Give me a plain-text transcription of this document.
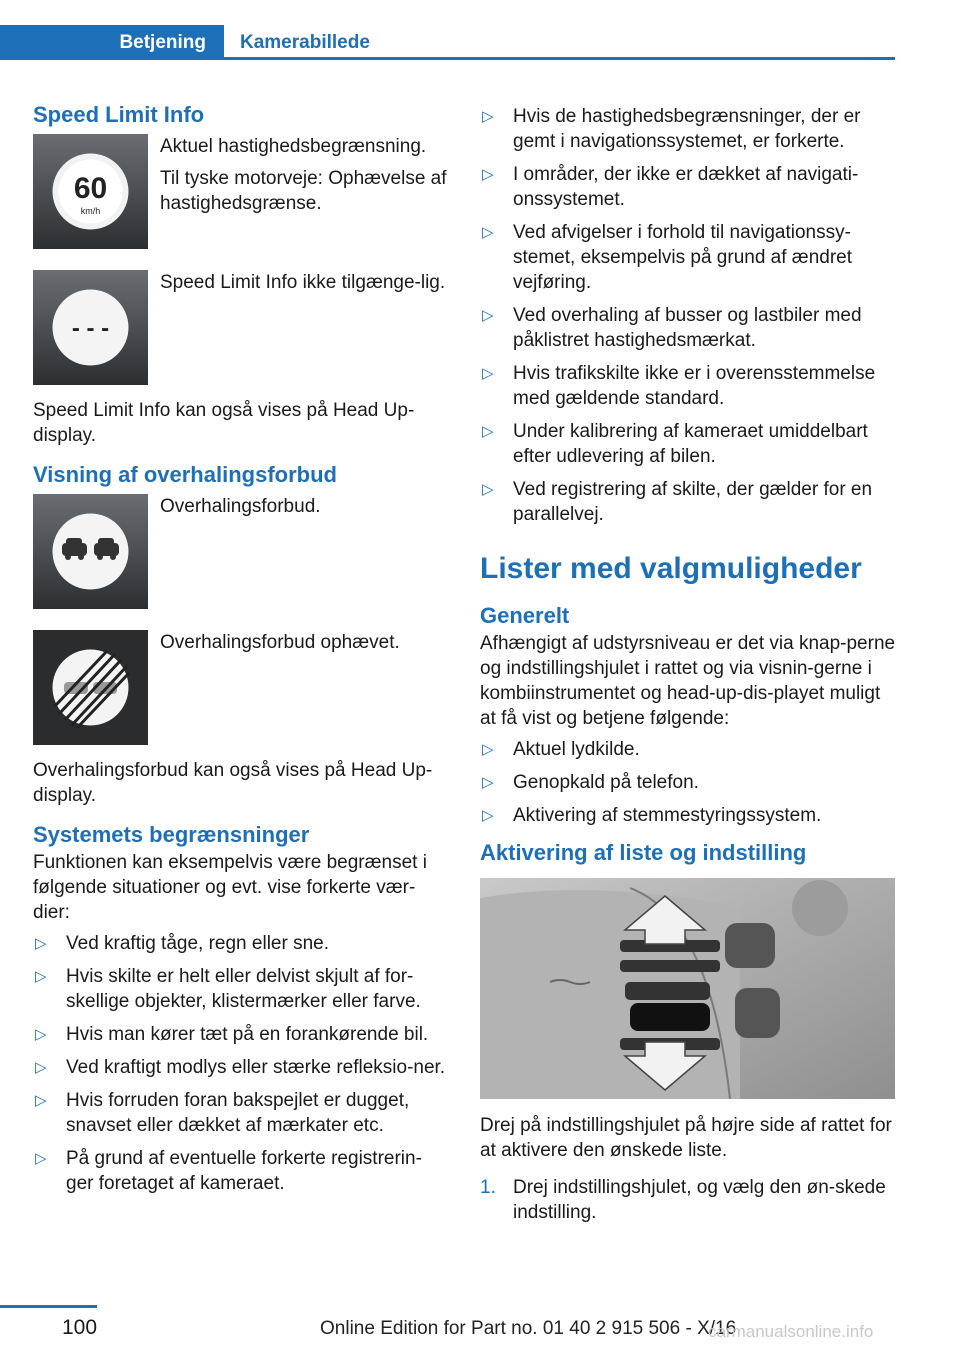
Betjening	Kamerabillede
Speed Limit Info
60
km/h

Aktuel hastighedsbegrænsning.

Til tyske motorveje: Ophævelse af hastighedsgrænse.

- - -

Speed Limit Info ikke tilgænge‐lig.

Speed Limit Info kan også vises på Head Up-display.

Visning af overhalingsforbud

Overhalingsforbud.

Overhalingsforbud ophævet.

Overhalingsforbud kan også vises på Head Up-display.

Systemets begrænsninger

Funktionen kan eksempelvis være begrænset i følgende situationer og evt. vise forkerte vær‐dier:

▷ Ved kraftig tåge, regn eller sne.
▷ Hvis skilte er helt eller delvist skjult af for‐skellige objekter, klistermærker eller farve.
▷ Hvis man kører tæt på en forankørende bil.
▷ Ved kraftigt modlys eller stærke refleksio‐ner.
▷ Hvis forruden foran bakspejlet er dugget, snavset eller dækket af mærkater etc.
▷ På grund af eventuelle forkerte registrerin‐ger foretaget af kameraet.
▷ Hvis de hastighedsbegrænsninger, der er gemt i navigationssystemet, er forkerte.
▷ I områder, der ikke er dækket af navigati‐onssystemet.
▷ Ved afvigelser i forhold til navigationssy‐stemet, eksempelvis på grund af ændret vejføring.
▷ Ved overhaling af busser og lastbiler med påklistret hastighedsmærkat.
▷ Hvis trafikskilte ikke er i overensstemmelse med gældende standard.
▷ Under kalibrering af kameraet umiddelbart efter udlevering af bilen.
▷ Ved registrering af skilte, der gælder for en parallelvej.
Lister med valgmuligheder
Generelt

Afhængigt af udstyrsniveau er det via knap‐perne og indstillingshjulet i rattet og via visnin‐gerne i kombiinstrumentet og head-up-dis‐playet muligt at få vist og betjene følgende:

▷ Aktuel lydkilde.
▷ Genopkald på telefon.
▷ Aktivering af stemmestyringssystem.
Aktivering af liste og indstilling

Drej på indstillingshjulet på højre side af rattet for at aktivere den ønskede liste.

1. Drej indstillingshjulet, og vælg den øn‐skede indstilling.
100	Online Edition for Part no. 01 40 2 915 506 - X/16
carmanualsonline.info
